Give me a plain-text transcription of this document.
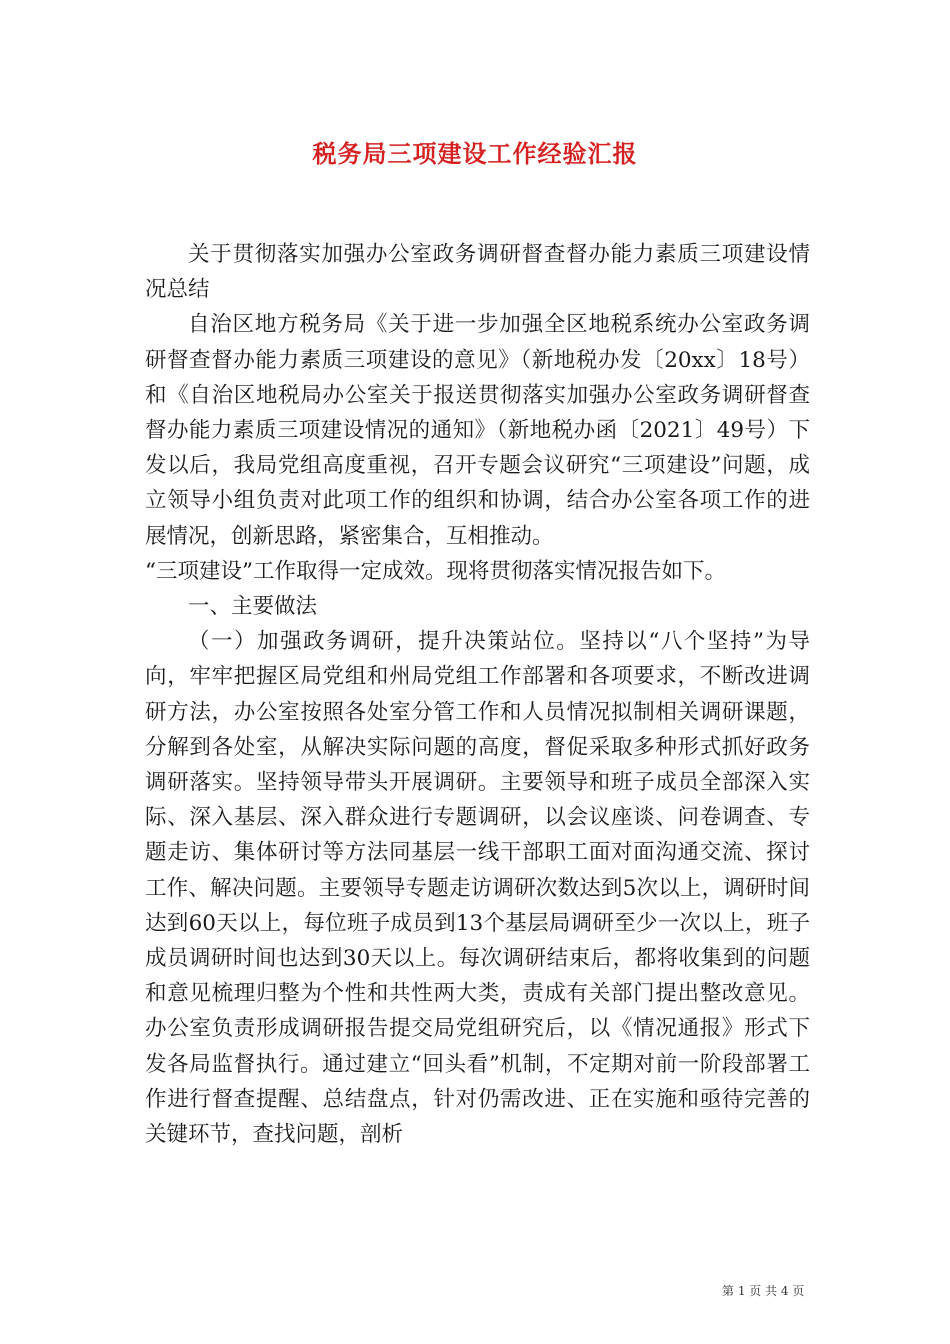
税务局三项建设工作经验汇报

关于贯彻落实加强办公室政务调研督查督办能力素质三项建设情况总结

自治区地方税务局《关于进一步加强全区地税系统办公室政务调研督查督办能力素质三项建设的意见》（新地税办发〔20xx〕18号）和《自治区地税局办公室关于报送贯彻落实加强办公室政务调研督查督办能力素质三项建设情况的通知》（新地税办函〔2021〕49号）下发以后，我局党组高度重视，召开专题会议研究“三项建设”问题，成立领导小组负责对此项工作的组织和协调，结合办公室各项工作的进展情况，创新思路，紧密集合，互相推动。

“三项建设”工作取得一定成效。现将贯彻落实情况报告如下。

一、主要做法

（一）加强政务调研，提升决策站位。坚持以“八个坚持”为导向，牢牢把握区局党组和州局党组工作部署和各项要求，不断改进调研方法，办公室按照各处室分管工作和人员情况拟制相关调研课题，分解到各处室，从解决实际问题的高度，督促采取多种形式抓好政务调研落实。坚持领导带头开展调研。主要领导和班子成员全部深入实际、深入基层、深入群众进行专题调研，以会议座谈、问卷调查、专题走访、集体研讨等方法同基层一线干部职工面对面沟通交流、探讨工作、解决问题。主要领导专题走访调研次数达到5次以上，调研时间达到60天以上，每位班子成员到13个基层局调研至少一次以上，班子成员调研时间也达到30天以上。每次调研结束后，都将收集到的问题和意见梳理归整为个性和共性两大类，责成有关部门提出整改意见。办公室负责形成调研报告提交局党组研究后，以《情况通报》形式下发各局监督执行。通过建立“回头看”机制，不定期对前一阶段部署工作进行督查提醒、总结盘点，针对仍需改进、正在实施和亟待完善的关键环节，查找问题，剖析

第 1 页 共 4 页
